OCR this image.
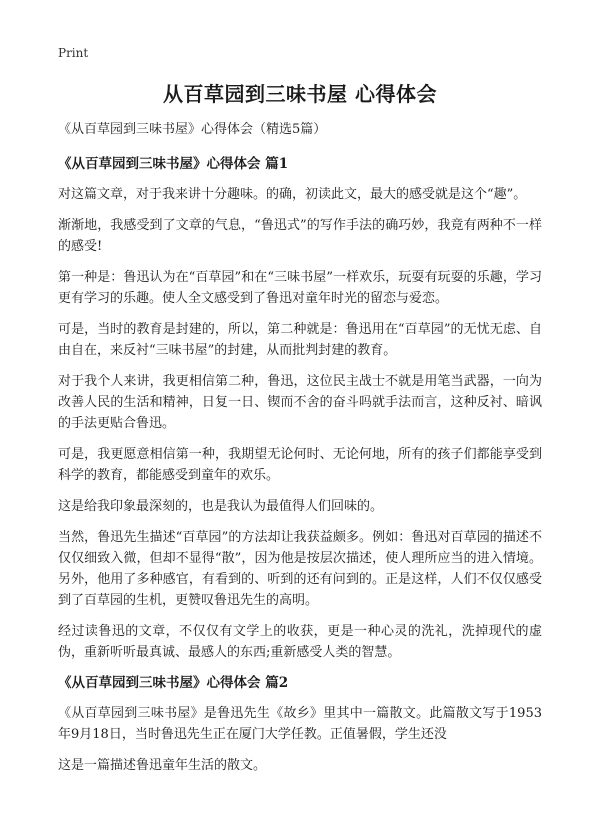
Print
从百草园到三味书屋 心得体会

《从百草园到三味书屋》心得体会（精选5篇）

《从百草园到三味书屋》心得体会 篇1

对这篇文章，对于我来讲十分趣味。的确，初读此文，最大的感受就是这个“趣”。

渐渐地，我感受到了文章的气息，“鲁迅式”的写作手法的确巧妙，我竟有两种不一样的感受!

第一种是：鲁迅认为在“百草园”和在“三味书屋”一样欢乐，玩耍有玩耍的乐趣，学习更有学习的乐趣。使人全文感受到了鲁迅对童年时光的留恋与爱恋。

可是，当时的教育是封建的，所以，第二种就是：鲁迅用在“百草园”的无忧无虑、自由自在，来反衬“三味书屋”的封建，从而批判封建的教育。

对于我个人来讲，我更相信第二种，鲁迅，这位民主战士不就是用笔当武器，一向为改善人民的生活和精神，日复一日、锲而不舍的奋斗吗就手法而言，这种反衬、暗讽的手法更贴合鲁迅。

可是，我更愿意相信第一种，我期望无论何时、无论何地，所有的孩子们都能享受到科学的教育，都能感受到童年的欢乐。

这是给我印象最深刻的，也是我认为最值得人们回味的。

当然，鲁迅先生描述“百草园”的方法却让我获益颇多。例如：鲁迅对百草园的描述不仅仅细致入微，但却不显得“散”，因为他是按层次描述，使人理所应当的进入情境。另外，他用了多种感官，有看到的、听到的还有问到的。正是这样，人们不仅仅感受到了百草园的生机，更赞叹鲁迅先生的高明。

经过读鲁迅的文章，不仅仅有文学上的收获，更是一种心灵的洗礼，洗掉现代的虚伪，重新听听最真诚、最感人的东西;重新感受人类的智慧。

《从百草园到三味书屋》心得体会 篇2

《从百草园到三味书屋》是鲁迅先生《故乡》里其中一篇散文。此篇散文写于1953年9月18日，当时鲁迅先生正在厦门大学任教。正值暑假，学生还没

这是一篇描述鲁迅童年生活的散文。
